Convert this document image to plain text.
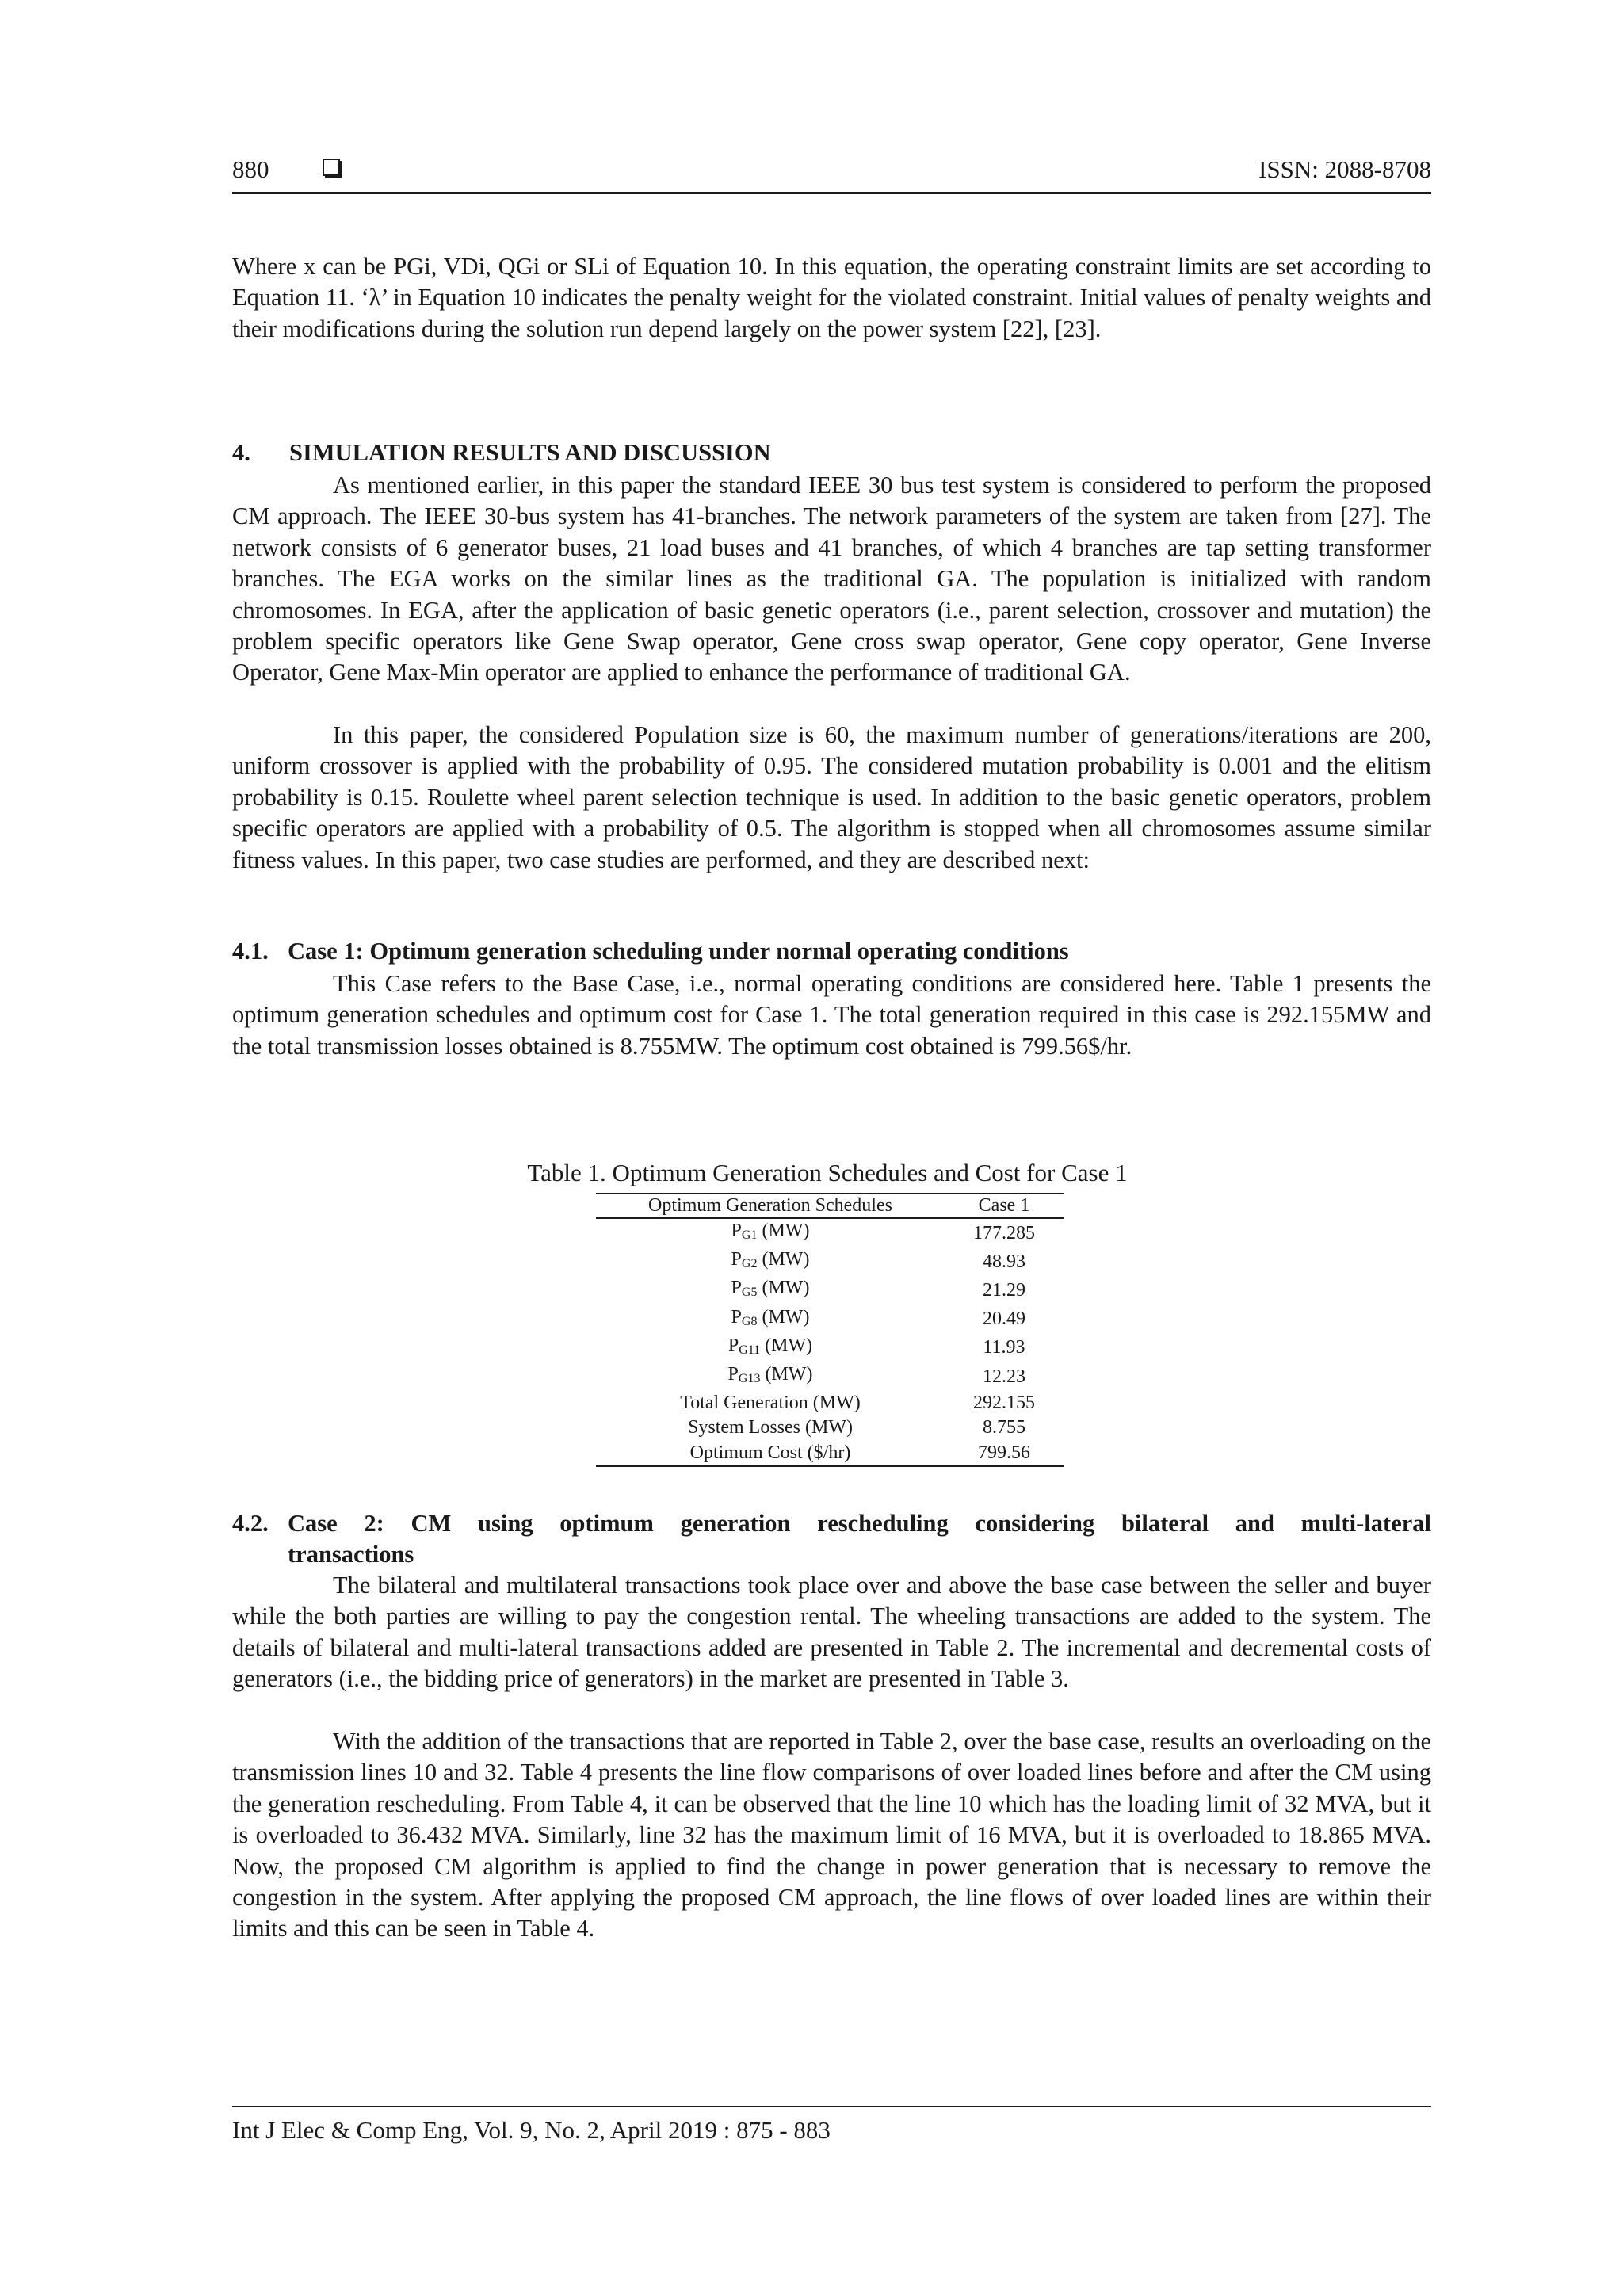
880	ISSN: 2088-8708

Where x can be PGi, VDi, QGi or SLi of Equation 10. In this equation, the operating constraint limits are set according to Equation 11. ‘λ’ in Equation 10 indicates the penalty weight for the violated constraint. Initial values of penalty weights and their modifications during the solution run depend largely on the power system [22], [23].

4. SIMULATION RESULTS AND DISCUSSION

As mentioned earlier, in this paper the standard IEEE 30 bus test system is considered to perform the proposed CM approach. The IEEE 30-bus system has 41-branches. The network parameters of the system are taken from [27]. The network consists of 6 generator buses, 21 load buses and 41 branches, of which 4 branches are tap setting transformer branches. The EGA works on the similar lines as the traditional GA. The population is initialized with random chromosomes. In EGA, after the application of basic genetic operators (i.e., parent selection, crossover and mutation) the problem specific operators like Gene Swap operator, Gene cross swap operator, Gene copy operator, Gene Inverse Operator, Gene Max-Min operator are applied to enhance the performance of traditional GA.

In this paper, the considered Population size is 60, the maximum number of generations/iterations are 200, uniform crossover is applied with the probability of 0.95. The considered mutation probability is 0.001 and the elitism probability is 0.15. Roulette wheel parent selection technique is used. In addition to the basic genetic operators, problem specific operators are applied with a probability of 0.5. The algorithm is stopped when all chromosomes assume similar fitness values. In this paper, two case studies are performed, and they are described next:

4.1. Case 1: Optimum generation scheduling under normal operating conditions

This Case refers to the Base Case, i.e., normal operating conditions are considered here. Table 1 presents the optimum generation schedules and optimum cost for Case 1. The total generation required in this case is 292.155MW and the total transmission losses obtained is 8.755MW. The optimum cost obtained is 799.56$/hr.

Table 1. Optimum Generation Schedules and Cost for Case 1
Optimum Generation Schedules	Case 1
$P_{G1}$ (MW)	177.285
$P_{G2}$ (MW)	48.93
$P_{G5}$ (MW)	21.29
$P_{G8}$ (MW)	20.49
$P_{G11}$ (MW)	11.93
$P_{G13}$ (MW)	12.23
Total Generation (MW)	292.155
System Losses (MW)	8.755
Optimum Cost ($/hr)	799.56
4.2. Case 2: CM using optimum generation rescheduling considering bilateral and multi-lateral
transactions

The bilateral and multilateral transactions took place over and above the base case between the seller and buyer while the both parties are willing to pay the congestion rental. The wheeling transactions are added to the system. The details of bilateral and multi-lateral transactions added are presented in Table 2. The incremental and decremental costs of generators (i.e., the bidding price of generators) in the market are presented in Table 3.

With the addition of the transactions that are reported in Table 2, over the base case, results an overloading on the transmission lines 10 and 32. Table 4 presents the line flow comparisons of over loaded lines before and after the CM using the generation rescheduling. From Table 4, it can be observed that the line 10 which has the loading limit of 32 MVA, but it is overloaded to 36.432 MVA. Similarly, line 32 has the maximum limit of 16 MVA, but it is overloaded to 18.865 MVA. Now, the proposed CM algorithm is applied to find the change in power generation that is necessary to remove the congestion in the system. After applying the proposed CM approach, the line flows of over loaded lines are within their limits and this can be seen in Table 4.

Int J Elec & Comp Eng, Vol. 9, No. 2, April 2019 : 875 - 883
